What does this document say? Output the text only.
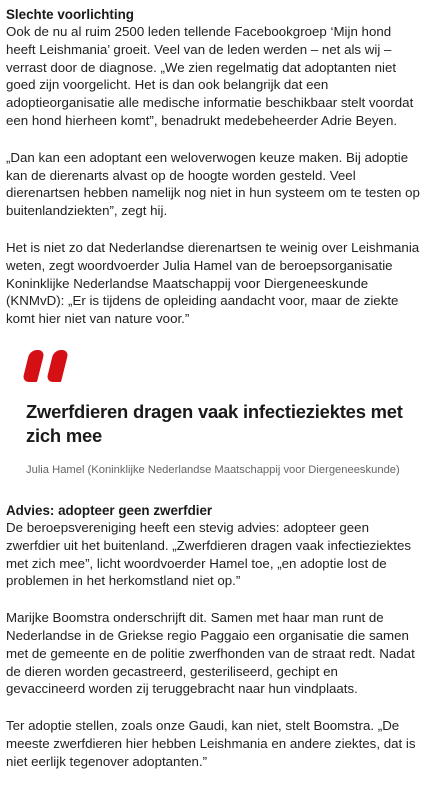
Slechte voorlichting

Ook de nu al ruim 2500 leden tellende Facebookgroep ‘Mijn hond heeft Leishmania’ groeit. Veel van de leden werden – net als wij – verrast door de diagnose. „We zien regelmatig dat adoptanten niet goed zijn voorgelicht. Het is dan ook belangrijk dat een adoptieorganisatie alle medische informatie beschikbaar stelt voordat een hond hierheen komt”, benadrukt medebeheerder Adrie Beyen.

„Dan kan een adoptant een weloverwogen keuze maken. Bij adoptie kan de dierenarts alvast op de hoogte worden gesteld. Veel dierenartsen hebben namelijk nog niet in hun systeem om te testen op buitenlandziekten”, zegt hij.

Het is niet zo dat Nederlandse dierenartsen te weinig over Leishmania weten, zegt woordvoerder Julia Hamel van de beroepsorganisatie Koninklijke Nederlandse Maatschappij voor Diergeneeskunde (KNMvD): „Er is tijdens de opleiding aandacht voor, maar de ziekte komt hier niet van nature voor.”

Zwerfdieren dragen vaak infectieziektes met zich mee

Julia Hamel (Koninklijke Nederlandse Maatschappij voor Diergeneeskunde)

Advies: adopteer geen zwerfdier

De beroepsvereniging heeft een stevig advies: adopteer geen zwerfdier uit het buitenland. „Zwerfdieren dragen vaak infectieziektes met zich mee”, licht woordvoerder Hamel toe, „en adoptie lost de problemen in het herkomstland niet op.”

Marijke Boomstra onderschrijft dit. Samen met haar man runt de Nederlandse in de Griekse regio Paggaio een organisatie die samen met de gemeente en de politie zwerfhonden van de straat redt. Nadat de dieren worden gecastreerd, gesteriliseerd, gechipt en gevaccineerd worden zij teruggebracht naar hun vindplaats.

Ter adoptie stellen, zoals onze Gaudi, kan niet, stelt Boomstra. „De meeste zwerfdieren hier hebben Leishmania en andere ziektes, dat is niet eerlijk tegenover adoptanten.”
